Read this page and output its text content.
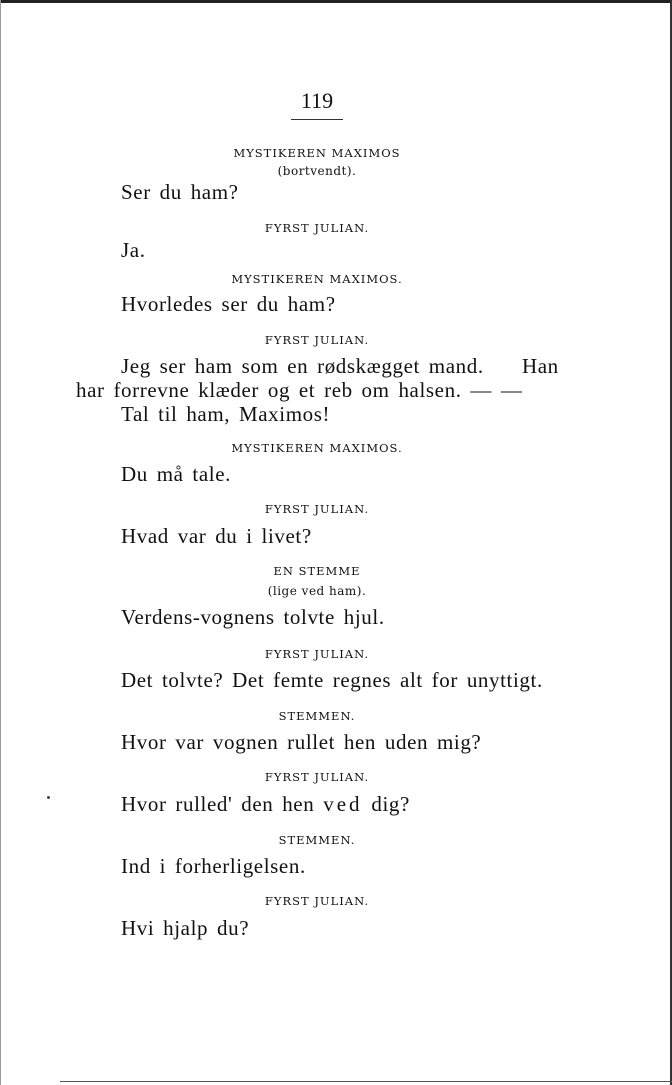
119
MYSTIKEREN MAXIMOS
(bortvendt).
Ser du ham?
FYRST JULIAN.
Ja.
MYSTIKEREN MAXIMOS.
Hvorledes ser du ham?
FYRST JULIAN.
Jeg ser ham som en rødskægget mand. Han
har forrevne klæder og et reb om halsen. — —
Tal til ham, Maximos!
MYSTIKEREN MAXIMOS.
Du må tale.
FYRST JULIAN.
Hvad var du i livet?
EN STEMME
(lige ved ham).
Verdens-vognens tolvte hjul.
FYRST JULIAN.
Det tolvte? Det femte regnes alt for unyttigt.
STEMMEN.
Hvor var vognen rullet hen uden mig?
FYRST JULIAN.
Hvor rulled' den hen ved dig?
STEMMEN.
Ind i forherligelsen.
FYRST JULIAN.
Hvi hjalp du?
